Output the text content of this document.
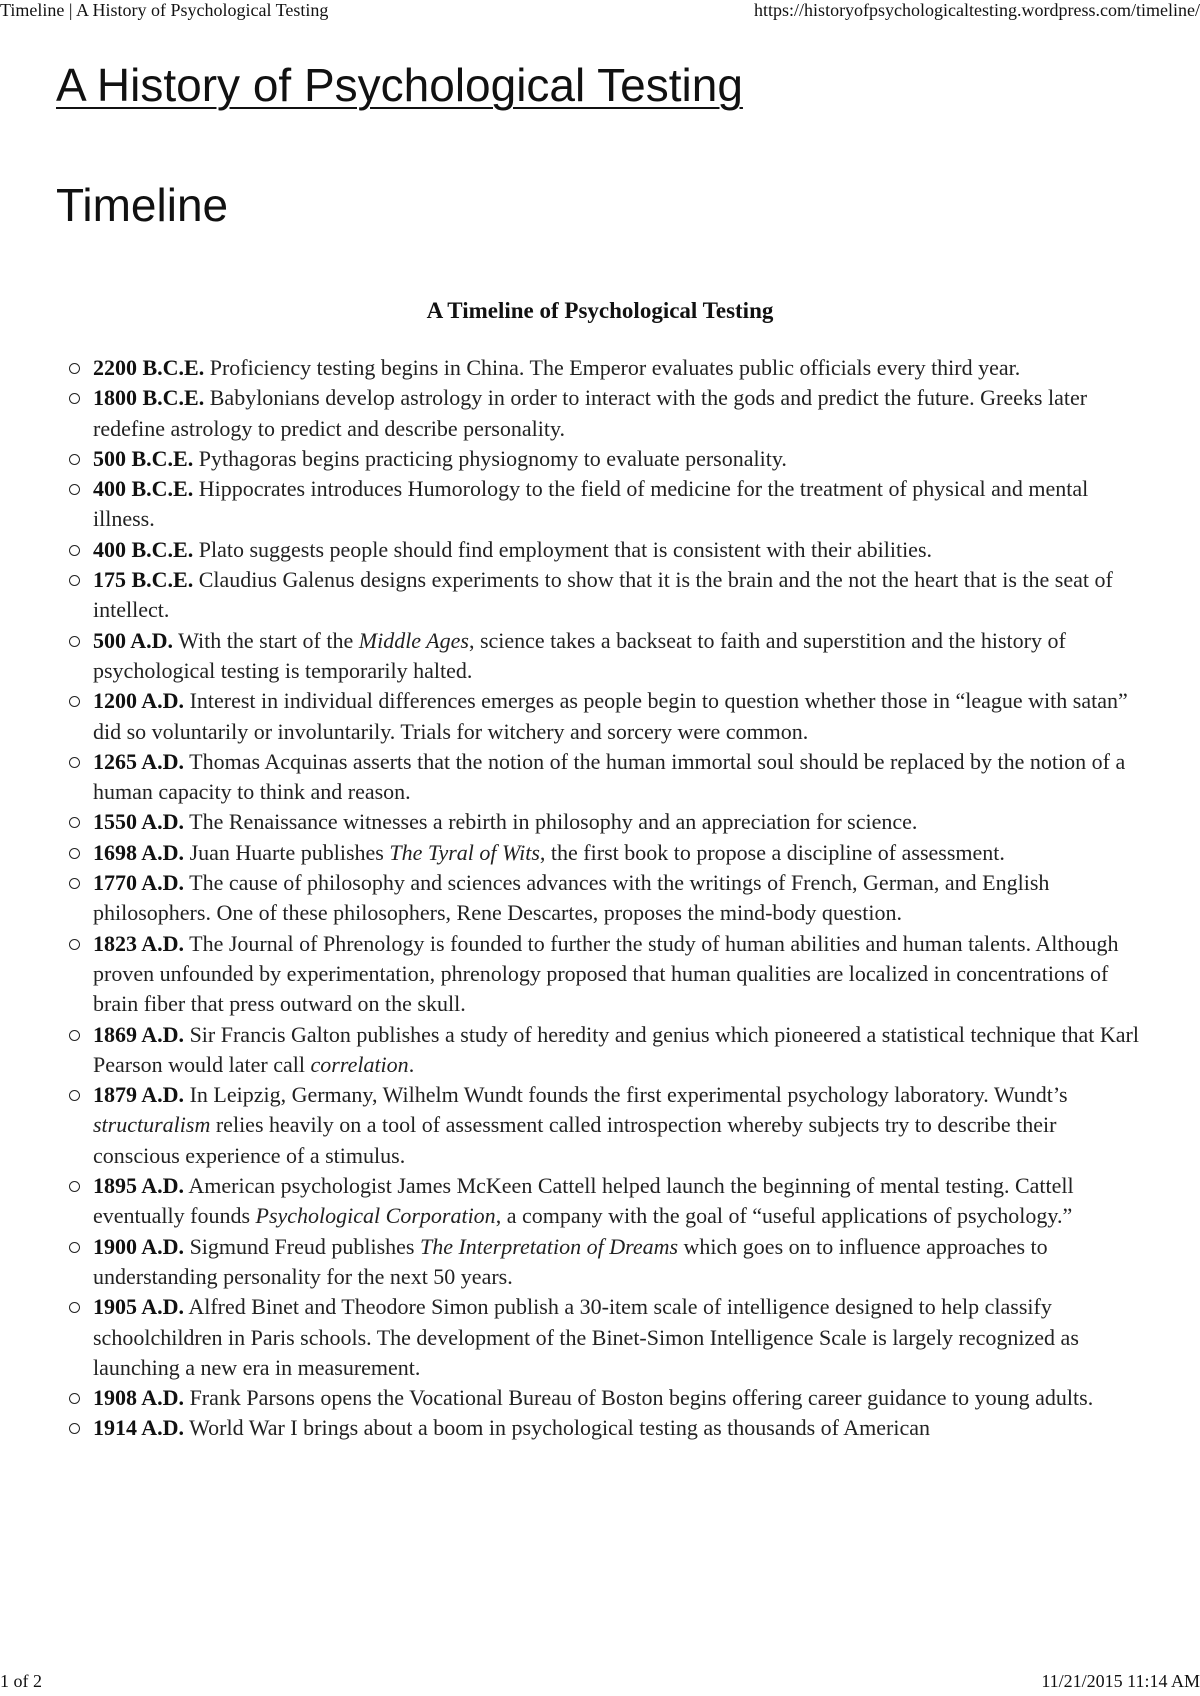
Timeline | A History of Psychological Testing	https://historyofpsychologicaltesting.wordpress.com/timeline/
A History of Psychological Testing
Timeline
A Timeline of Psychological Testing
2200 B.C.E. Proficiency testing begins in China. The Emperor evaluates public officials every third year.
1800 B.C.E. Babylonians develop astrology in order to interact with the gods and predict the future. Greeks later redefine astrology to predict and describe personality.
500 B.C.E. Pythagoras begins practicing physiognomy to evaluate personality.
400 B.C.E. Hippocrates introduces Humorology to the field of medicine for the treatment of physical and mental illness.
400 B.C.E. Plato suggests people should find employment that is consistent with their abilities.
175 B.C.E. Claudius Galenus designs experiments to show that it is the brain and the not the heart that is the seat of intellect.
500 A.D. With the start of the Middle Ages, science takes a backseat to faith and superstition and the history of psychological testing is temporarily halted.
1200 A.D. Interest in individual differences emerges as people begin to question whether those in “league with satan” did so voluntarily or involuntarily. Trials for witchery and sorcery were common.
1265 A.D. Thomas Acquinas asserts that the notion of the human immortal soul should be replaced by the notion of a human capacity to think and reason.
1550 A.D. The Renaissance witnesses a rebirth in philosophy and an appreciation for science.
1698 A.D. Juan Huarte publishes The Tyral of Wits, the first book to propose a discipline of assessment.
1770 A.D. The cause of philosophy and sciences advances with the writings of French, German, and English philosophers. One of these philosophers, Rene Descartes, proposes the mind-body question.
1823 A.D. The Journal of Phrenology is founded to further the study of human abilities and human talents. Although proven unfounded by experimentation, phrenology proposed that human qualities are localized in concentrations of brain fiber that press outward on the skull.
1869 A.D. Sir Francis Galton publishes a study of heredity and genius which pioneered a statistical technique that Karl Pearson would later call correlation.
1879 A.D. In Leipzig, Germany, Wilhelm Wundt founds the first experimental psychology laboratory. Wundt’s structuralism relies heavily on a tool of assessment called introspection whereby subjects try to describe their conscious experience of a stimulus.
1895 A.D. American psychologist James McKeen Cattell helped launch the beginning of mental testing. Cattell eventually founds Psychological Corporation, a company with the goal of “useful applications of psychology.”
1900 A.D. Sigmund Freud publishes The Interpretation of Dreams which goes on to influence approaches to understanding personality for the next 50 years.
1905 A.D. Alfred Binet and Theodore Simon publish a 30-item scale of intelligence designed to help classify schoolchildren in Paris schools. The development of the Binet-Simon Intelligence Scale is largely recognized as launching a new era in measurement.
1908 A.D. Frank Parsons opens the Vocational Bureau of Boston begins offering career guidance to young adults.
1914 A.D. World War I brings about a boom in psychological testing as thousands of American
1 of 2	11/21/2015 11:14 AM
